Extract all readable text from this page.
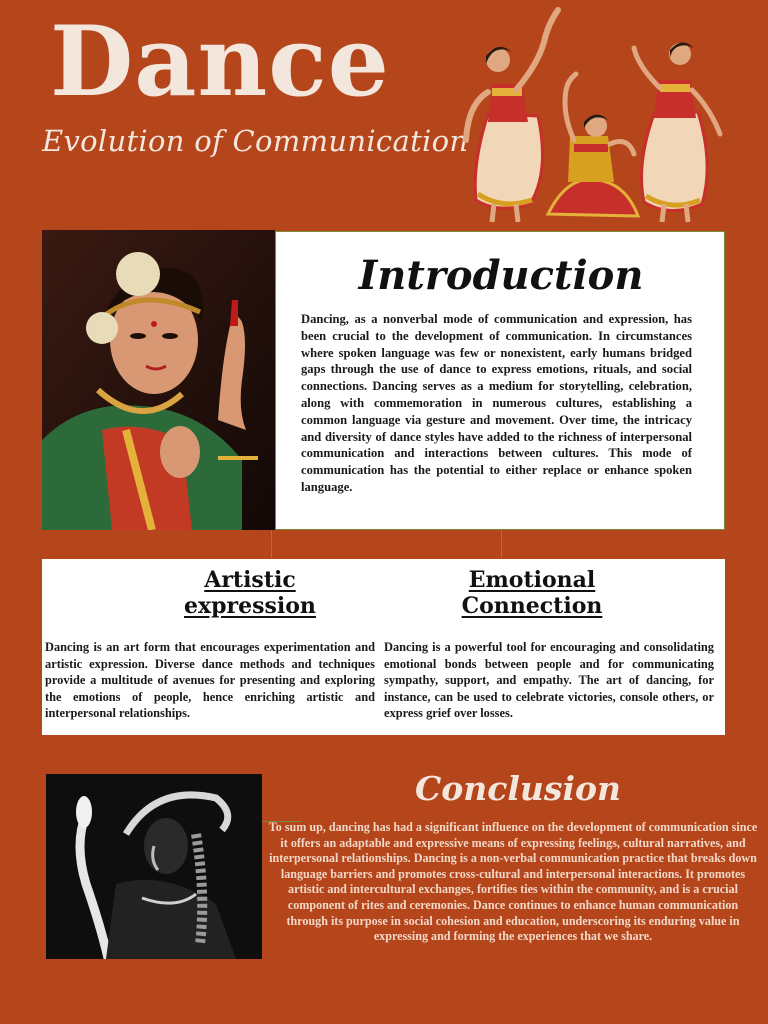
Dance
Evolution of Communication
Introduction
Dancing, as a nonverbal mode of communication and expression, has been crucial to the development of communication. In circumstances where spoken language was few or nonexistent, early humans bridged gaps through the use of dance to express emotions, rituals, and social connections. Dancing serves as a medium for storytelling, celebration, along with commemoration in numerous cultures, establishing a common language via gesture and movement. Over time, the intricacy and diversity of dance styles have added to the richness of interpersonal communication and interactions between cultures. This mode of communication has the potential to either replace or enhance spoken language.
Artistic
expression
Dancing is an art form that encourages experimentation and artistic expression. Diverse dance methods and techniques provide a multitude of avenues for presenting and exploring the emotions of people, hence enriching artistic and interpersonal relationships.
Emotional
Connection
Dancing is a powerful tool for encouraging and consolidating emotional bonds between people and for communicating sympathy, support, and empathy. The art of dancing, for instance, can be used to celebrate victories, console others, or express grief over losses.
Conclusion
To sum up, dancing has had a significant influence on the development of communication since it offers an adaptable and expressive means of expressing feelings, cultural narratives, and interpersonal relationships. Dancing is a non-verbal communication practice that breaks down language barriers and promotes cross-cultural and interpersonal interactions. It promotes artistic and intercultural exchanges, fortifies ties within the community, and is a crucial component of rites and ceremonies. Dance continues to enhance human communication through its purpose in social cohesion and education, underscoring its enduring value in expressing and forming the experiences that we share.
